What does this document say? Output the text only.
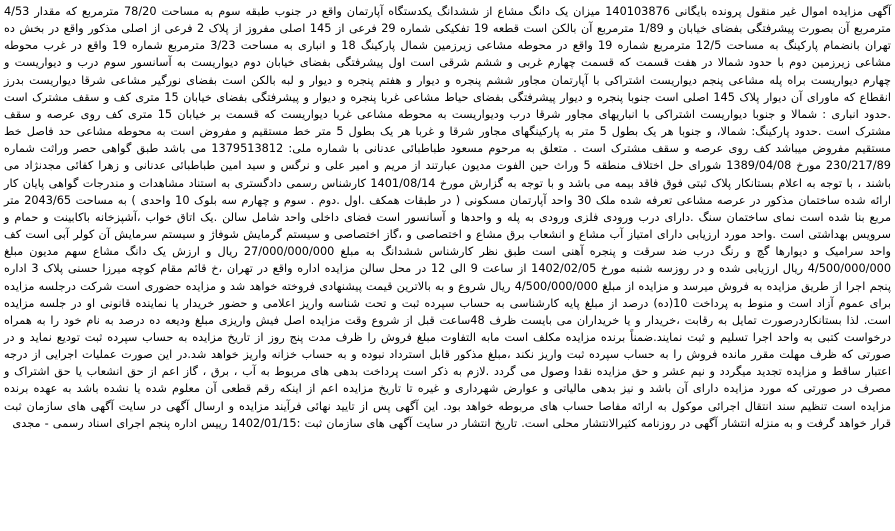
آگهی مزایده اموال غیر منقول پرونده بایگانی 140103876 میزان یک دانگ مشاع از ششدانگ یکدستگاه آپارتمان واقع در جنوب طبقه سوم به مساحت 78/20 مترمربع که مقدار 4/53 مترمربع آن بصورت پیشرفتگی بفضای خیابان و 1/89 مترمربع آن بالکن است قطعه 19 تفکیکی شماره 29 فرعی از 145 اصلی مفروز از پلاک 2 فرعی از اصلی مذکور واقع در بخش ده تهران بانضمام پارکینگ به مساحت 12/5 مترمربع شماره 19 واقع در محوطه مشاعی زیرزمین شمال پارکینگ 18 و انباری به مساحت 3/23 مترمربع شماره 19 واقع در غرب محوطه مشاعی زیرزمین دوم با حدود شمالا در هفت قسمت که قسمت چهارم غربی و ششم شرقی است اول پیشرفتگی بفضای خیابان دوم دیواریست به آسانسور سوم درب و دیواریست و چهارم دیواریست براه پله مشاعی پنجم دیواریست اشتراکی با آپارتمان مجاور ششم پنجره و دیوار و هفتم پنجره و دیوار و لبه بالکن است بفضای نورگیر مشاعی شرقا دیواریست بدرز انقطاع که ماورای آن دیوار پلاک 145 اصلی است جنوبا پنجره و دیوار پیشرفتگی بفضای حیاط مشاعی غربا پنجره و دیوار و پیشرفتگی بفضای خیابان 15 متری کف و سقف مشترک است .حدود انباری : شمالا و جنوبا دیواریست اشتراکی با انباریهای مجاور شرقا درب ودیواریست به محوطه مشاعی غربا دیواریست که قسمت بر خیابان 15 متری کف روی عرصه و سقف مشترک است .حدود پارکینگ: شمالا، و جنوبا هر یک بطول 5 متر به پارکینگهای مجاور شرقا و غربا هر یک بطول 5 متر خط مستقیم و مفروض است به محوطه مشاعی حد فاصل خط مستقیم مفروض میباشد کف روی عرصه و سقف مشترک است . متعلق به مرحوم مسعود طباطبائی عدنانی با شماره ملی: 1379513812 می باشد طبق گواهی حصر وراثت شماره 230/217/89 مورخ 1389/04/08 شورای حل اختلاف منطقه 5 وراث حین الفوت مدیون عبارتند از مریم و امیر علی و نرگس و سید امین طباطبائی عدنانی و زهرا کفائی مجدنژاد می باشند ، با توجه به اعلام بستانکار پلاک ثبتی فوق فاقد بیمه می باشد و با توجه به گزارش مورخ 1401/08/14 کارشناس رسمی دادگستری به استناد مشاهدات و مندرجات گواهی پایان کار ارائه شده ساختمان مذکور در عرصه مشاعی تعرفه شده ملک 30 واحد آپارتمان مسکونی ( در طبقات همکف .اول .دوم . سوم و چهارم سه بلوک 10 واحدی ) به مساحت 2043/65 متر مربع بنا شده است نمای ساختمان سنگ .دارای درب ورودی فلزی ورودی به پله و واحدها و آسانسور است فضای داخلی واحد شامل سالن .یک اتاق خواب ،آشپزخانه باکابینت و حمام و سرویس بهداشتی است .واحد مورد ارزیابی دارای امتیاز آب مشاع و انشعاب برق مشاع و اختصاصی و ،گاز اختصاصی و سیستم گرمایش شوفاژ و سیستم سرمایش آن کولر آبی است کف واحد سرامیک و دیوارها گچ و رنگ درب ضد سرقت و پنجره آهنی است طبق نظر کارشناس ششدانگ به مبلغ 27/000/000/000 ریال و ارزش یک دانگ مشاع سهم مدیون مبلغ 4/500/000/000 ریال ارزیابی شده و در روزسه شنبه مورخ 1402/02/05 از ساعت 9 الی 12 در محل سالن مزایده اداره واقع در تهران ،خ قائم مقام کوچه میرزا حسنی پلاک 3 اداره پنجم اجرا از طریق مزایده به فروش میرسد و مزایده از مبلغ 4/500/000/000 ریال شروع و به بالاترین قیمت پیشنهادی فروخته خواهد شد و مزایده حضوری است شرکت درجلسه مزایده برای عموم آزاد است و منوط به پرداخت 10(ده) درصد از مبلغ پایه کارشناسی به حساب سپرده ثبت و تحت شناسه واریز اعلامی و حضور خریدار یا نماینده قانونی او در جلسه مزایده است. لذا بستانکاردرصورت تمایل به رقابت ،خریدار و یا خریداران می بایست ظرف 48ساعت قبل از شروع وقت مزایده اصل فیش واریزی مبلغ ودیعه ده درصد به نام خود را به همراه درخواست کتبی به واحد اجرا تسلیم و ثبت نمایند.ضمناً برنده مزایده مکلف است مابه التفاوت مبلغ فروش را ظرف مدت پنج روز از تاریخ مزایده به حساب سپرده ثبت تودیع نماید و در صورتی که ظرف مهلت مقرر مانده فروش را به حساب سپرده ثبت واریز نکند ،مبلغ مذکور قابل استرداد نبوده و به حساب خزانه واریز خواهد شد.در این صورت عملیات اجرایی از درجه اعتبار ساقط و مزایده تجدید میگردد و نیم عشر و حق مزایده نقدا وصول می گردد .لازم به ذکر است پرداخت بدهی های مربوط به آب ، برق ، گاز اعم از حق انشعاب یا حق اشتراک و مصرف در صورتی که مورد مزایده دارای آن باشد و نیز بدهی مالیاتی و عوارض شهرداری و غیره تا تاریخ مزایده اعم از اینکه رقم قطعی آن معلوم شده یا نشده باشد به عهده برنده مزایده است تنظیم سند انتقال اجرائی موکول به ارائه مفاصا حساب های مربوطه خواهد بود. این آگهی پس از تایید نهائی فرآیند مزایده و ارسال آگهی در سایت آگهی های سازمان ثبت قرار خواهد گرفت و به منزله انتشار آگهی در روزنامه کثیرالانتشار محلی است. تاریخ انتشار در سایت آگهی های سازمان ثبت :1402/01/15 رییس اداره پنجم اجرای اسناد رسمی - مجدی
